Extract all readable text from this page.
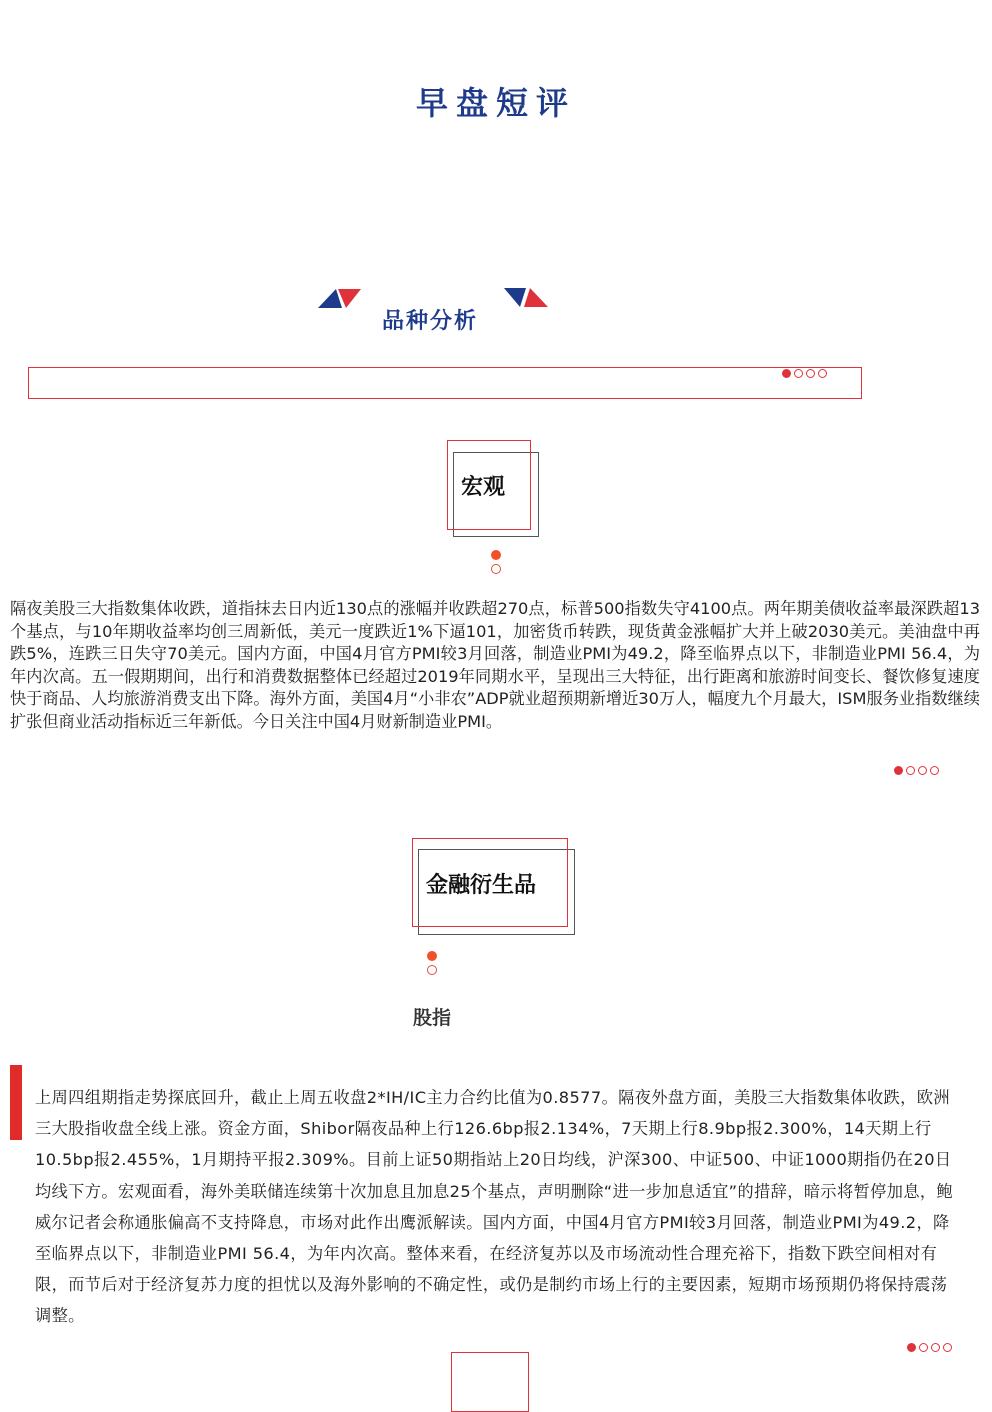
早盘短评
品种分析
宏观
隔夜美股三大指数集体收跌，道指抹去日内近130点的涨幅并收跌超270点，标普500指数失守4100点。两年期美债收益率最深跌超13个基点，与10年期收益率均创三周新低，美元一度跌近1%下逼101，加密货币转跌，现货黄金涨幅扩大并上破2030美元。美油盘中再跌5%，连跌三日失守70美元。国内方面，中国4月官方PMI较3月回落，制造业PMI为49.2，降至临界点以下，非制造业PMI 56.4，为年内次高。五一假期期间，出行和消费数据整体已经超过2019年同期水平，呈现出三大特征，出行距离和旅游时间变长、餐饮修复速度快于商品、人均旅游消费支出下降。海外方面，美国4月“小非农”ADP就业超预期新增近30万人，幅度九个月最大，ISM服务业指数继续扩张但商业活动指标近三年新低。今日关注中国4月财新制造业PMI。
金融衍生品
股指
上周四组期指走势探底回升，截止上周五收盘2*IH/IC主力合约比值为0.8577。隔夜外盘方面，美股三大指数集体收跌，欧洲三大股指收盘全线上涨。资金方面，Shibor隔夜品种上行126.6bp报2.134%，7天期上行8.9bp报2.300%，14天期上行10.5bp报2.455%，1月期持平报2.309%。目前上证50期指站上20日均线，沪深300、中证500、中证1000期指仍在20日均线下方。宏观面看，海外美联储连续第十次加息且加息25个基点，声明删除“进一步加息适宜”的措辞，暗示将暂停加息，鲍威尔记者会称通胀偏高不支持降息，市场对此作出鹰派解读。国内方面，中国4月官方PMI较3月回落，制造业PMI为49.2，降至临界点以下，非制造业PMI 56.4，为年内次高。整体来看，在经济复苏以及市场流动性合理充裕下，指数下跌空间相对有限，而节后对于经济复苏力度的担忧以及海外影响的不确定性，或仍是制约市场上行的主要因素，短期市场预期仍将保持震荡调整。
